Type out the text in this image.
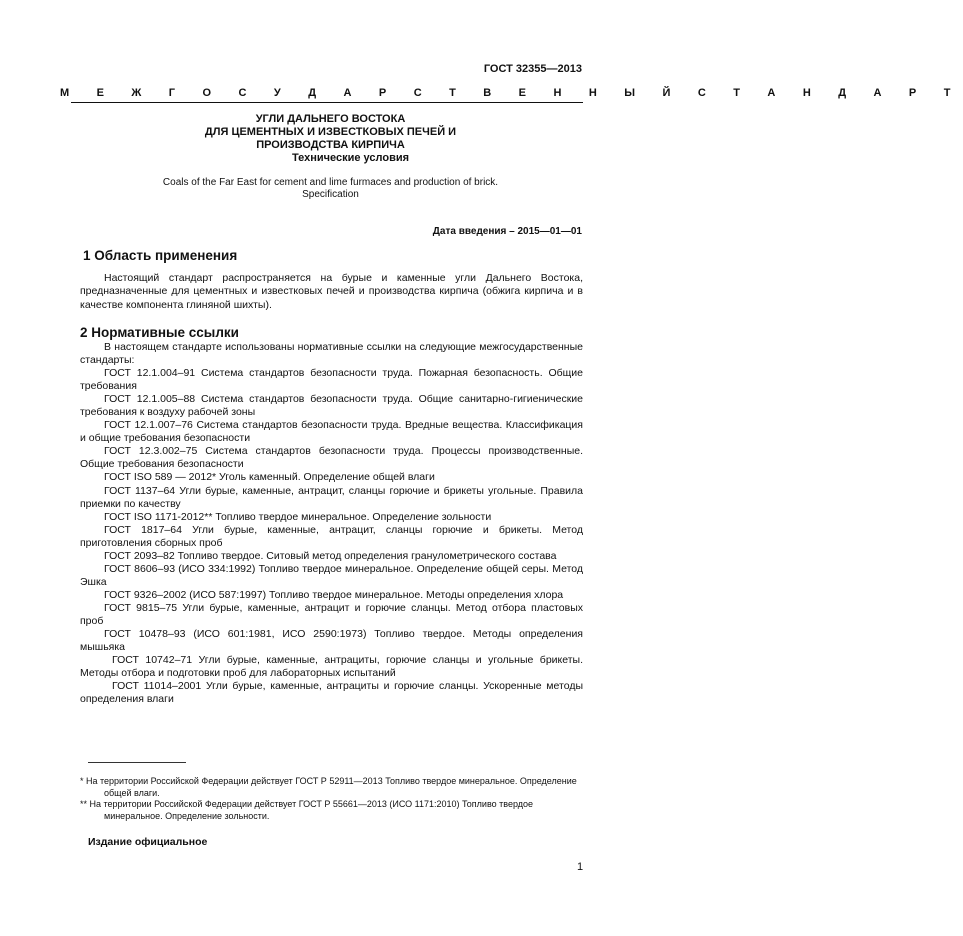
ГОСТ 32355—2013
М Е Ж Г О С У Д А Р С Т В Е Н Н Ы Й С Т А Н Д А Р Т
УГЛИ ДАЛЬНЕГО ВОСТОКА
ДЛЯ ЦЕМЕНТНЫХ И ИЗВЕСТКОВЫХ ПЕЧЕЙ И
ПРОИЗВОДСТВА КИРПИЧА
Технические условия
Coals of the Far East for cement and lime furmaces and production of brick.
Specification
Дата введения – 2015—01—01
1 Область применения
Настоящий стандарт распространяется на бурые и каменные угли Дальнего Востока, предназначенные для цементных и известковых печей и производства кирпича (обжига кирпича и в качестве компонента глиняной шихты).
2 Нормативные ссылки

В настоящем стандарте использованы нормативные ссылки на следующие межгосударственные стандарты:

ГОСТ 12.1.004–91 Система стандартов безопасности труда. Пожарная безопасность. Общие требования

ГОСТ 12.1.005–88 Система стандартов безопасности труда. Общие санитарно-гигиенические требования к воздуху рабочей зоны

ГОСТ 12.1.007–76 Система стандартов безопасности труда. Вредные вещества. Классификация и общие требования безопасности

ГОСТ 12.3.002–75 Система стандартов безопасности труда. Процессы производственные. Общие требования безопасности

ГОСТ ISO 589 — 2012* Уголь каменный. Определение общей влаги

ГОСТ 1137–64 Угли бурые, каменные, антрацит, сланцы горючие и брикеты угольные. Правила приемки по качеству

ГОСТ ISO 1171-2012** Топливо твердое минеральное. Определение зольности

ГОСТ 1817–64 Угли бурые, каменные, антрацит, сланцы горючие и брикеты. Метод приготовления сборных проб

ГОСТ 2093–82 Топливо твердое. Ситовый метод определения гранулометрического состава

ГОСТ 8606–93 (ИСО 334:1992) Топливо твердое минеральное. Определение общей серы. Метод Эшка

ГОСТ 9326–2002 (ИСО 587:1997) Топливо твердое минеральное. Методы определения хлора

ГОСТ 9815–75 Угли бурые, каменные, антрацит и горючие сланцы. Метод отбора пластовых проб

ГОСТ 10478–93 (ИСО 601:1981, ИСО 2590:1973) Топливо твердое. Методы определения мышьяка

ГОСТ 10742–71 Угли бурые, каменные, антрациты, горючие сланцы и угольные брикеты. Методы отбора и подготовки проб для лабораторных испытаний

ГОСТ 11014–2001 Угли бурые, каменные, антрациты и горючие сланцы. Ускоренные методы определения влаги

* На территории Российской Федерации действует ГОСТ Р 52911—2013 Топливо твердое минеральное. Определение общей влаги.
** На территории Российской Федерации действует ГОСТ Р 55661—2013 (ИСО 1171:2010) Топливо твердое минеральное. Определение зольности.
Издание официальное
1
